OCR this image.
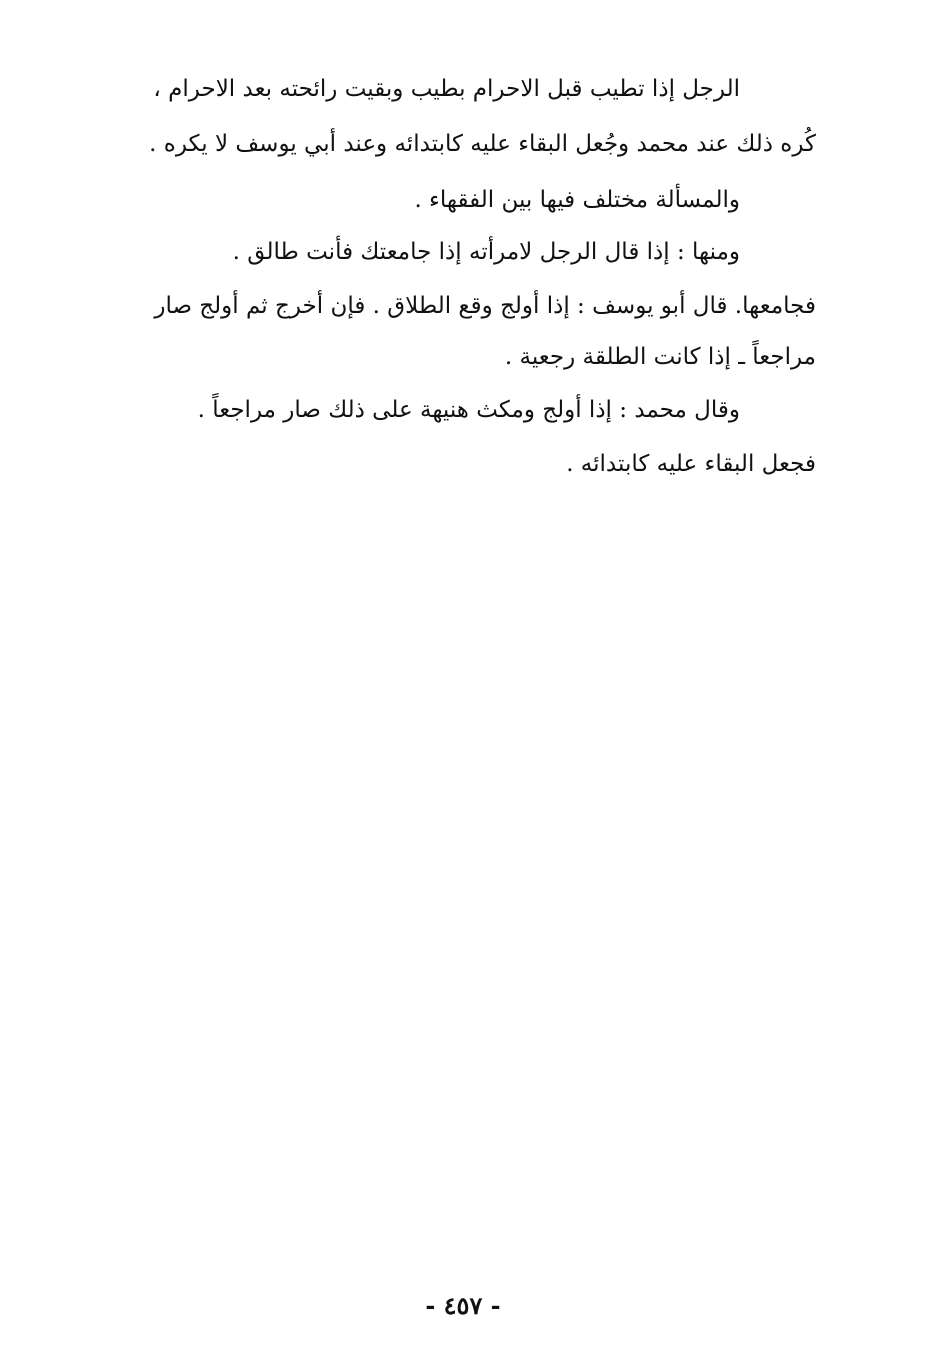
الرجل إذا تطيب قبل الاحرام بطيب وبقيت رائحته بعد الاحرام ،
كُره ذلك عند محمد وجُعل البقاء عليه كابتدائه وعند أبي يوسف لا يكره .
والمسألة مختلف فيها بين الفقهاء .
ومنها : إذا قال الرجل لامرأته إذا جامعتك فأنت طالق .
فجامعها. قال أبو يوسف : إذا أولج وقع الطلاق . فإن أخرج ثم أولج صار
مراجعاً ـ إذا كانت الطلقة رجعية .
وقال محمد : إذا أولج ومكث هنيهة على ذلك صار مراجعاً .
فجعل البقاء عليه كابتدائه .
- ٤٥٧ -
